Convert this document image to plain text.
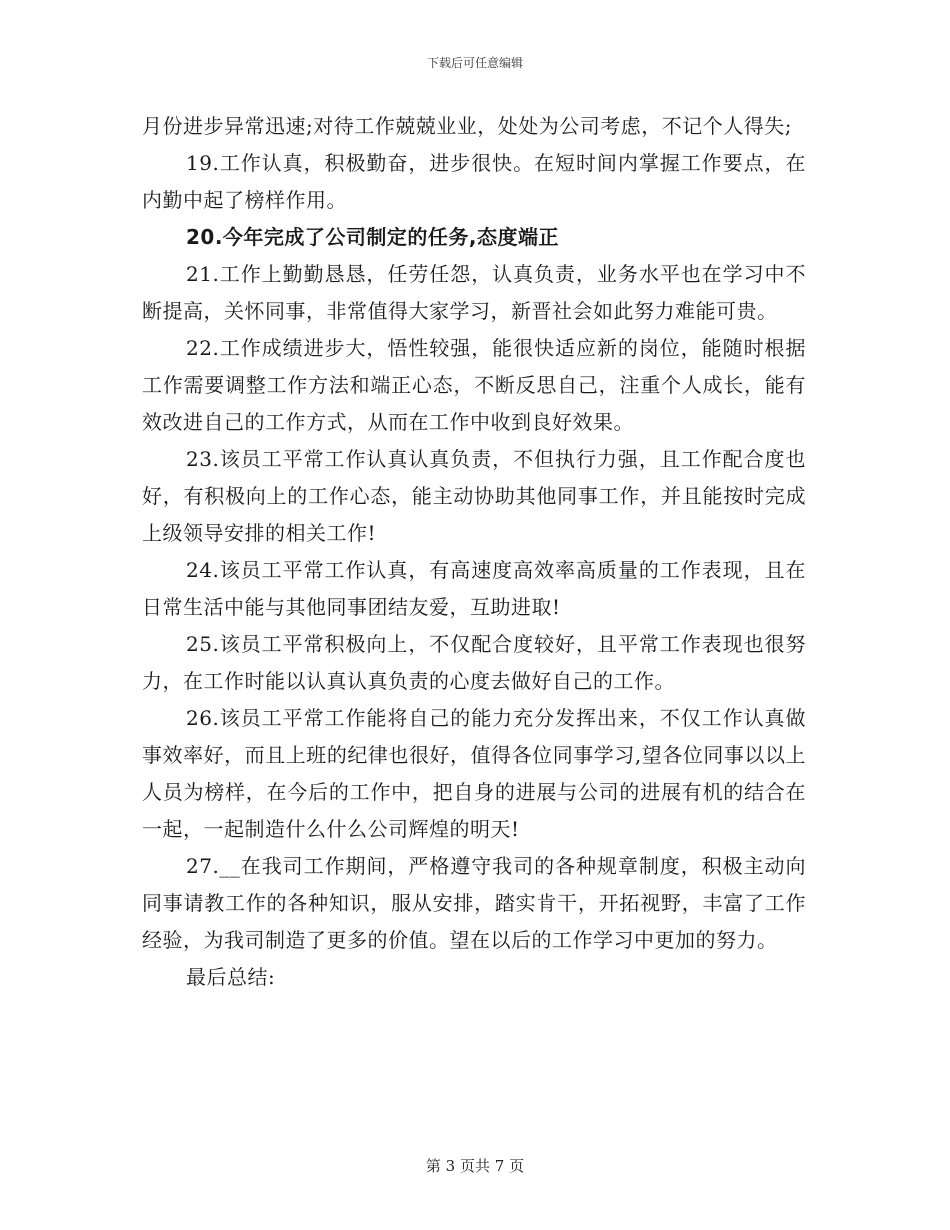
下载后可任意编辑

月份进步异常迅速;对待工作兢兢业业，处处为公司考虑，不记个人得失;

19.工作认真，积极勤奋，进步很快。在短时间内掌握工作要点，在内勤中起了榜样作用。

20.今年完成了公司制定的任务,态度端正

21.工作上勤勤恳恳，任劳任怨，认真负责，业务水平也在学习中不断提高，关怀同事，非常值得大家学习，新晋社会如此努力难能可贵。

22.工作成绩进步大，悟性较强，能很快适应新的岗位，能随时根据工作需要调整工作方法和端正心态，不断反思自己，注重个人成长，能有效改进自己的工作方式，从而在工作中收到良好效果。

23.该员工平常工作认真认真负责，不但执行力强，且工作配合度也好，有积极向上的工作心态，能主动协助其他同事工作，并且能按时完成上级领导安排的相关工作!

24.该员工平常工作认真，有高速度高效率高质量的工作表现，且在日常生活中能与其他同事团结友爱，互助进取!

25.该员工平常积极向上，不仅配合度较好，且平常工作表现也很努力，在工作时能以认真认真负责的心度去做好自己的工作。

26.该员工平常工作能将自己的能力充分发挥出来，不仅工作认真做事效率好，而且上班的纪律也很好，值得各位同事学习,望各位同事以以上人员为榜样，在今后的工作中，把自身的进展与公司的进展有机的结合在一起，一起制造什么什么公司辉煌的明天!

27.__在我司工作期间，严格遵守我司的各种规章制度，积极主动向同事请教工作的各种知识，服从安排，踏实肯干，开拓视野，丰富了工作经验，为我司制造了更多的价值。望在以后的工作学习中更加的努力。

最后总结:

第 3 页共 7 页
